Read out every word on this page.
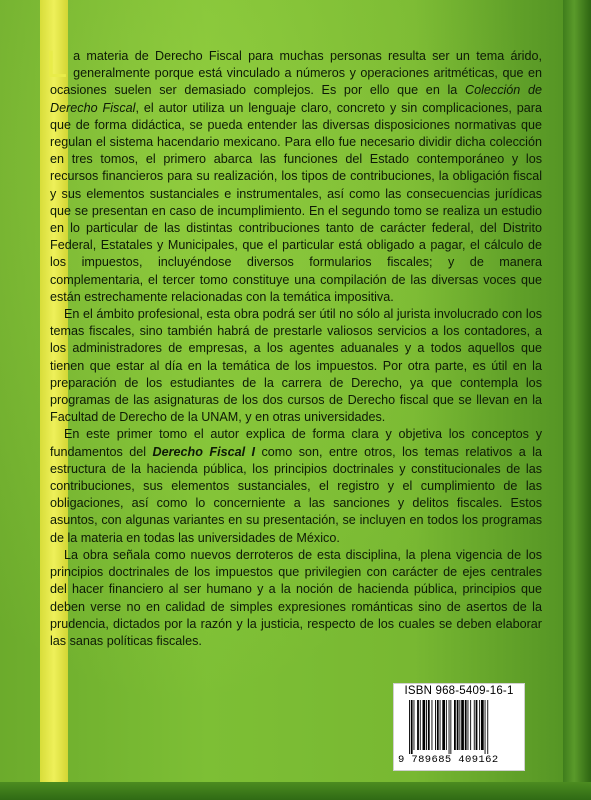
La materia de Derecho Fiscal para muchas personas resulta ser un tema árido, generalmente porque está vinculado a números y operaciones aritméticas, que en ocasiones suelen ser demasiado complejos. Es por ello que en la Colección de Derecho Fiscal, el autor utiliza un lenguaje claro, concreto y sin complicaciones, para que de forma didáctica, se pueda entender las diversas disposiciones normativas que regulan el sistema hacendario mexicano. Para ello fue necesario dividir dicha colección en tres tomos, el primero abarca las funciones del Estado contemporáneo y los recursos financieros para su realización, los tipos de contribuciones, la obligación fiscal y sus elementos sustanciales e instrumentales, así como las consecuencias jurídicas que se presentan en caso de incumplimiento. En el segundo tomo se realiza un estudio en lo particular de las distintas contribuciones tanto de carácter federal, del Distrito Federal, Estatales y Municipales, que el particular está obligado a pagar, el cálculo de los impuestos, incluyéndose diversos formularios fiscales; y de manera complementaria, el tercer tomo constituye una compilación de las diversas voces que están estrechamente relacionadas con la temática impositiva.

En el ámbito profesional, esta obra podrá ser útil no sólo al jurista involucrado con los temas fiscales, sino también habrá de prestarle valiosos servicios a los contadores, a los administradores de empresas, a los agentes aduanales y a todos aquellos que tienen que estar al día en la temática de los impuestos. Por otra parte, es útil en la preparación de los estudiantes de la carrera de Derecho, ya que contempla los programas de las asignaturas de los dos cursos de Derecho fiscal que se llevan en la Facultad de Derecho de la UNAM, y en otras universidades.

En este primer tomo el autor explica de forma clara y objetiva los conceptos y fundamentos del Derecho Fiscal I como son, entre otros, los temas relativos a la estructura de la hacienda pública, los principios doctrinales y constitucionales de las contribuciones, sus elementos sustanciales, el registro y el cumplimiento de las obligaciones, así como lo concerniente a las sanciones y delitos fiscales. Estos asuntos, con algunas variantes en su presentación, se incluyen en todos los programas de la materia en todas las universidades de México.

La obra señala como nuevos derroteros de esta disciplina, la plena vigencia de los principios doctrinales de los impuestos que privilegien con carácter de ejes centrales del hacer financiero al ser humano y a la noción de hacienda pública, principios que deben verse no en calidad de simples expresiones románticas sino de asertos de la prudencia, dictados por la razón y la justicia, respecto de los cuales se deben elaborar las sanas políticas fiscales.

ISBN 968-5409-16-1
9 789685 409162
